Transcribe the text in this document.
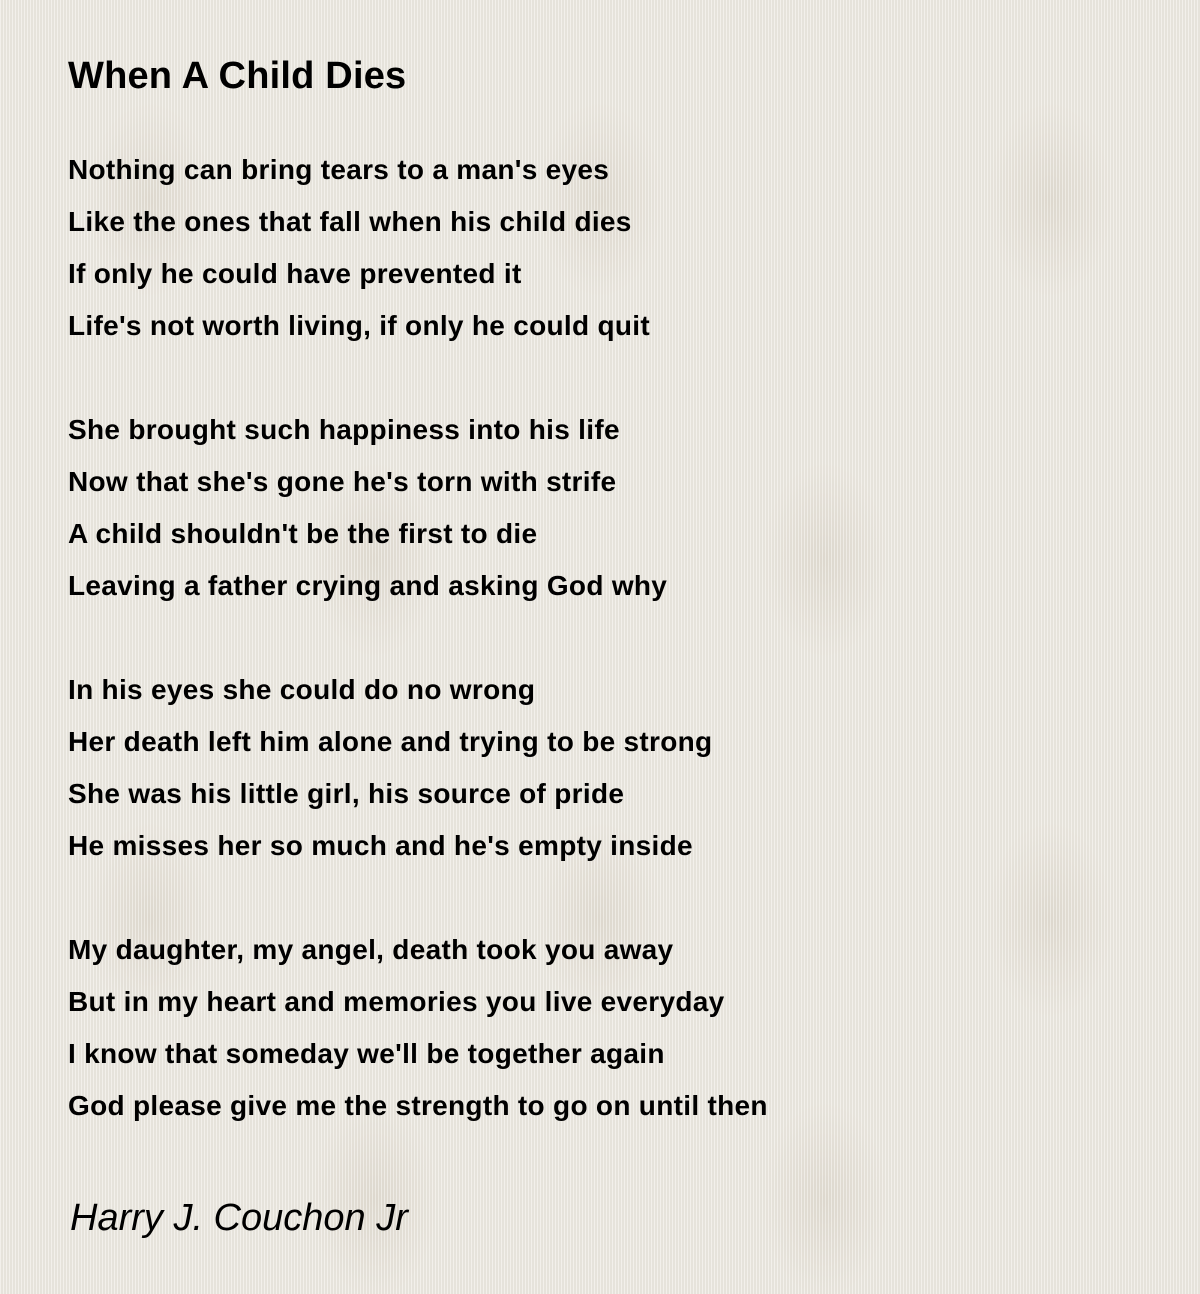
When A Child Dies
Nothing can bring tears to a man's eyes
Like the ones that fall when his child dies
If only he could have prevented it
Life's not worth living, if only he could quit
She brought such happiness into his life
Now that she's gone he's torn with strife
A child shouldn't be the first to die
Leaving a father crying and asking God why
In his eyes she could do no wrong
Her death left him alone and trying to be strong
She was his little girl, his source of pride
He misses her so much and he's empty inside
My daughter, my angel, death took you away
But in my heart and memories you live everyday
I know that someday we'll be together again
God please give me the strength to go on until then
Harry J. Couchon Jr
